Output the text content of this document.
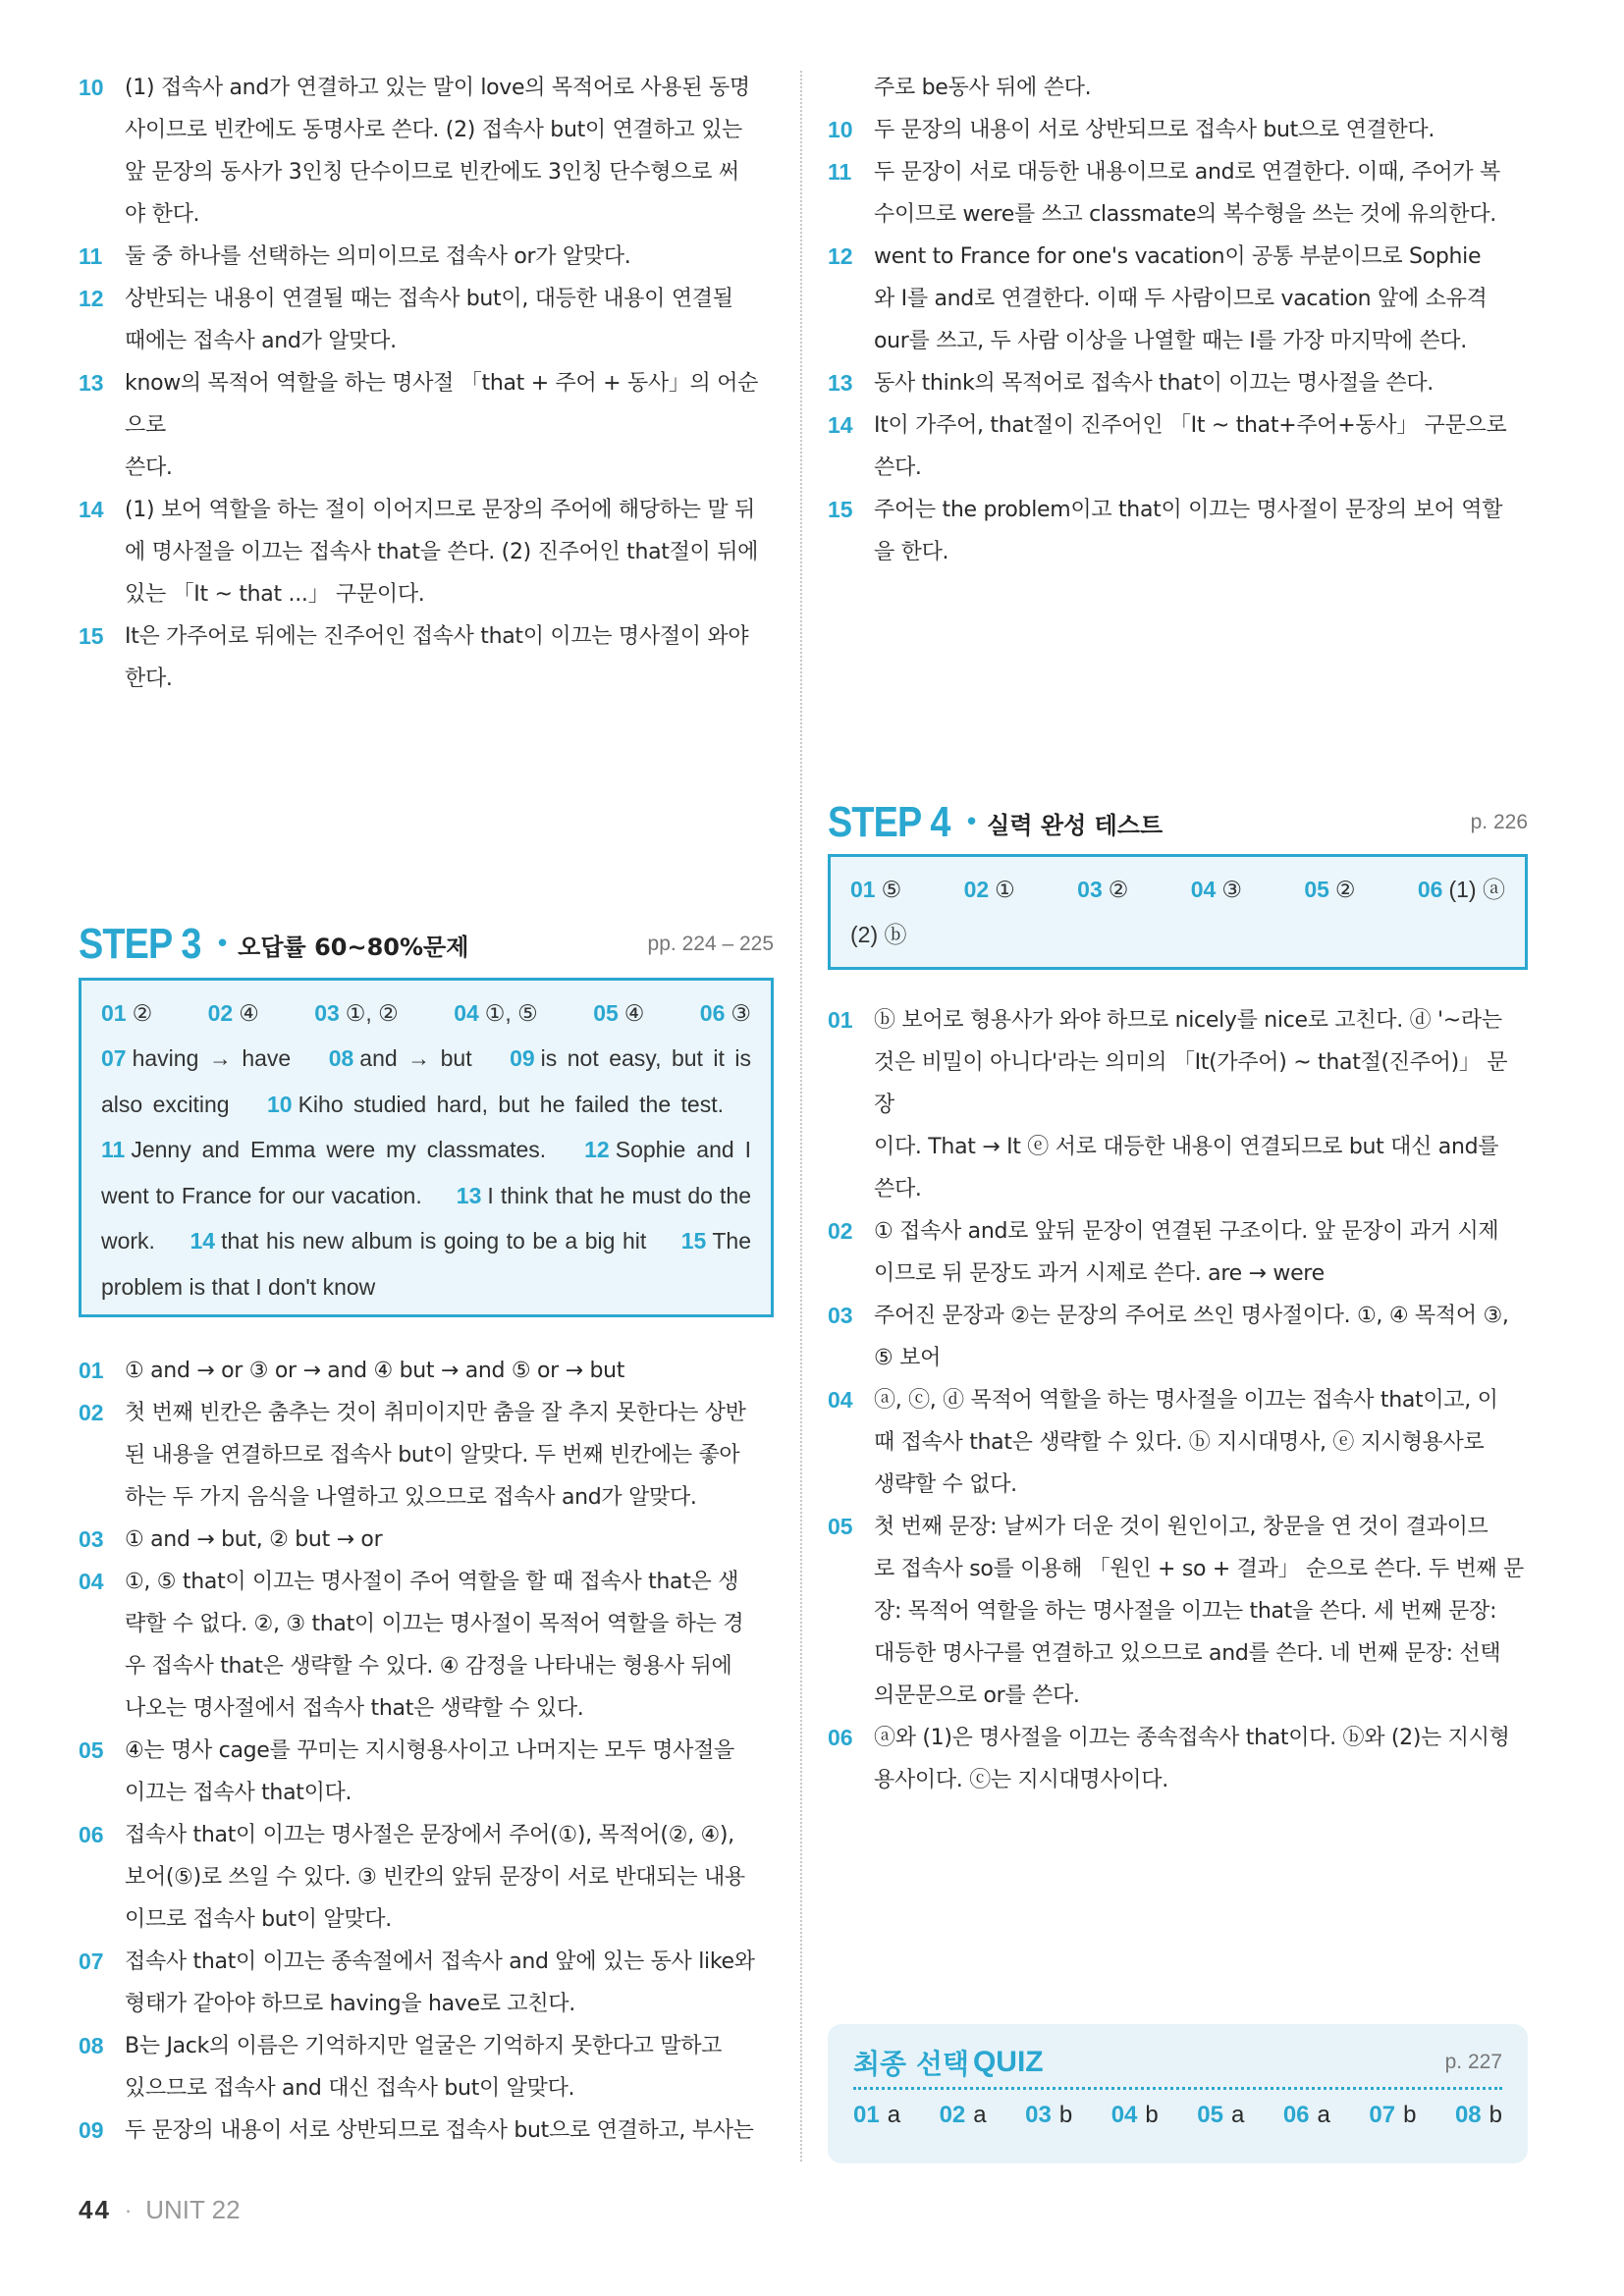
10 (1) 접속사 and가 연결하고 있는 말이 love의 목적어로 사용된 동명
사이므로 빈칸에도 동명사로 쓴다. (2) 접속사 but이 연결하고 있는
앞 문장의 동사가 3인칭 단수이므로 빈칸에도 3인칭 단수형으로 써
야 한다.
11	둘 중 하나를 선택하는 의미이므로 접속사 or가 알맞다.
12 상반되는 내용이 연결될 때는 접속사 but이, 대등한 내용이 연결될
때에는 접속사 and가 알맞다.
13 know의 목적어 역할을 하는 명사절 「that + 주어 + 동사」의 어순으로
쓴다.
14 (1) 보어 역할을 하는 절이 이어지므로 문장의 주어에 해당하는 말 뒤
에 명사절을 이끄는 접속사 that을 쓴다. (2) 진주어인 that절이 뒤에
있는 「It ~ that ...」 구문이다.
15 It은 가주어로 뒤에는 진주어인 접속사 that이 이끄는 명사절이 와야
한다.
STEP 3 • 오답률 60~80%문제	pp. 224 – 225
01 ② 02 ④ 03 ①, ② 04 ①, ⑤ 05 ④ 06 ③
07 having → have 08 and → but 09 is not easy, but it is also exciting 10 Kiho studied hard, but he failed the test. 11 Jenny and Emma were my classmates. 12 Sophie and I went to France for our vacation. 13 I think that he must do the work. 14 that his new album is going to be a big hit 15 The problem is that I don't know
01 ① and → or ③ or → and ④ but → and ⑤ or → but
02 첫 번째 빈칸은 춤추는 것이 취미이지만 춤을 잘 추지 못한다는 상반
된 내용을 연결하므로 접속사 but이 알맞다. 두 번째 빈칸에는 좋아
하는 두 가지 음식을 나열하고 있으므로 접속사 and가 알맞다.
03 ① and → but, ② but → or
04 ①, ⑤ that이 이끄는 명사절이 주어 역할을 할 때 접속사 that은 생
략할 수 없다. ②, ③ that이 이끄는 명사절이 목적어 역할을 하는 경
우 접속사 that은 생략할 수 있다. ④ 감정을 나타내는 형용사 뒤에
나오는 명사절에서 접속사 that은 생략할 수 있다.
05 ④는 명사 cage를 꾸미는 지시형용사이고 나머지는 모두 명사절을
이끄는 접속사 that이다.
06 접속사 that이 이끄는 명사절은 문장에서 주어(①), 목적어(②, ④),
보어(⑤)로 쓰일 수 있다. ③ 빈칸의 앞뒤 문장이 서로 반대되는 내용
이므로 접속사 but이 알맞다.
07 접속사 that이 이끄는 종속절에서 접속사 and 앞에 있는 동사 like와
형태가 같아야 하므로 having을 have로 고친다.
08 B는 Jack의 이름은 기억하지만 얼굴은 기억하지 못한다고 말하고
있으므로 접속사 and 대신 접속사 but이 알맞다.
09 두 문장의 내용이 서로 상반되므로 접속사 but으로 연결하고, 부사는
주로 be동사 뒤에 쓴다.
10 두 문장의 내용이 서로 상반되므로 접속사 but으로 연결한다.
11	두 문장이 서로 대등한 내용이므로 and로 연결한다. 이때, 주어가 복
수이므로 were를 쓰고 classmate의 복수형을 쓰는 것에 유의한다.
12 went to France for one's vacation이 공통 부분이므로 Sophie
와 I를 and로 연결한다. 이때 두 사람이므로 vacation 앞에 소유격
our를 쓰고, 두 사람 이상을 나열할 때는 I를 가장 마지막에 쓴다.
13 동사 think의 목적어로 접속사 that이 이끄는 명사절을 쓴다.
14 It이 가주어, that절이 진주어인 「It ~ that+주어+동사」 구문으로 쓴다.
15 주어는 the problem이고 that이 이끄는 명사절이 문장의 보어 역할
을 한다.
STEP 4 • 실력 완성 테스트	p. 226
01 ⑤	02 ①	03 ②	04 ③	05 ②	06 (1) ⓐ
(2) ⓑ
01 ⓑ 보어로 형용사가 와야 하므로 nicely를 nice로 고친다. ⓓ '~라는
것은 비밀이 아니다'라는 의미의 「It(가주어) ~ that절(진주어)」 문장
이다. That → It ⓔ 서로 대등한 내용이 연결되므로 but 대신 and를
쓴다.
02 ① 접속사 and로 앞뒤 문장이 연결된 구조이다. 앞 문장이 과거 시제
이므로 뒤 문장도 과거 시제로 쓴다. are → were
03 주어진 문장과 ②는 문장의 주어로 쓰인 명사절이다. ①, ④ 목적어 ③,
⑤ 보어
04 ⓐ, ⓒ, ⓓ 목적어 역할을 하는 명사절을 이끄는 접속사 that이고, 이
때 접속사 that은 생략할 수 있다. ⓑ 지시대명사, ⓔ 지시형용사로
생략할 수 없다.
05 첫 번째 문장: 날씨가 더운 것이 원인이고, 창문을 연 것이 결과이므
로 접속사 so를 이용해 「원인 + so + 결과」 순으로 쓴다. 두 번째 문
장: 목적어 역할을 하는 명사절을 이끄는 that을 쓴다. 세 번째 문장:
대등한 명사구를 연결하고 있으므로 and를 쓴다. 네 번째 문장: 선택
의문문으로 or를 쓴다.
06 ⓐ와 (1)은 명사절을 이끄는 종속접속사 that이다. ⓑ와 (2)는 지시형
용사이다. ⓒ는 지시대명사이다.
최종 선택 QUIZ	p. 227
01 a 02 a 03 b 04 b 05 a 06 a 07 b 08 b
44 · UNIT 22
